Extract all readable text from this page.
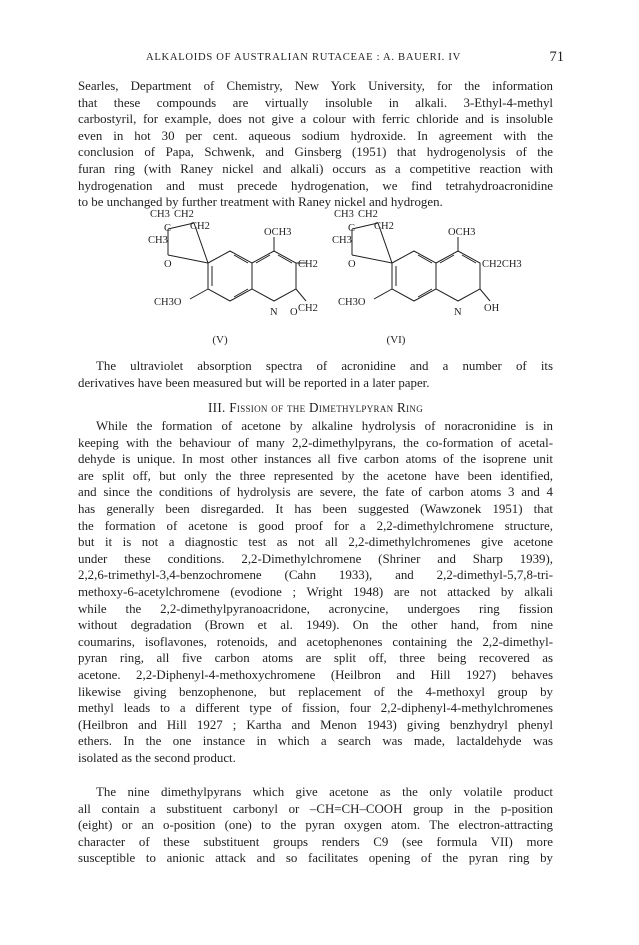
ALKALOIDS OF AUSTRALIAN RUTACEAE : A. BAUERI. IV	71
Searles, Department of Chemistry, New York University, for the information
that these compounds are virtually insoluble in alkali. 3-Ethyl-4-methyl
carbostyril, for example, does not give a colour with ferric chloride and is insoluble
even in hot 30 per cent. aqueous sodium hydroxide. In agreement with the
conclusion of Papa, Schwenk, and Ginsberg (1951) that hydrogenolysis of the
furan ring (with Raney nickel and alkali) occurs as a competitive reaction with
hydrogenation and must precede hydrogenation, we find tetrahydroacronidine
to be unchanged by further treatment with Raney nickel and hydrogen.
CH3 CH2
C CH2
CH3
O
OCH3
CH2
CH2
CH3O
N O
(V)
CH3 CH2
C CH2
CH3
O
OCH3
CH2CH3
OH
CH3O
N
(VI)
The ultraviolet absorption spectra of acronidine and a number of its
derivatives have been measured but will be reported in a later paper.
III. Fission of the Dimethylpyran Ring
While the formation of acetone by alkaline hydrolysis of noracronidine is in
keeping with the behaviour of many 2,2-dimethylpyrans, the co-formation of acetal-
dehyde is unique. In most other instances all five carbon atoms of the isoprene unit
are split off, but only the three represented by the acetone have been identified,
and since the conditions of hydrolysis are severe, the fate of carbon atoms 3 and 4
has generally been disregarded. It has been suggested (Wawzonek 1951) that
the formation of acetone is good proof for a 2,2-dimethylchromene structure,
but it is not a diagnostic test as not all 2,2-dimethylchromenes give acetone
under these conditions. 2,2-Dimethylchromene (Shriner and Sharp 1939),
2,2,6-trimethyl-3,4-benzochromene (Cahn 1933), and 2,2-dimethyl-5,7,8-tri-
methoxy-6-acetylchromene (evodione ; Wright 1948) are not attacked by alkali
while the 2,2-dimethylpyranoacridone, acronycine, undergoes ring fission
without degradation (Brown et al. 1949). On the other hand, from nine
coumarins, isoflavones, rotenoids, and acetophenones containing the 2,2-dimethyl-
pyran ring, all five carbon atoms are split off, three being recovered as
acetone. 2,2-Diphenyl-4-methoxychromene (Heilbron and Hill 1927) behaves
likewise giving benzophenone, but replacement of the 4-methoxyl group by
methyl leads to a different type of fission, four 2,2-diphenyl-4-methylchromenes
(Heilbron and Hill 1927 ; Kartha and Menon 1943) giving benzhydryl phenyl
ethers. In the one instance in which a search was made, lactaldehyde was
isolated as the second product.
The nine dimethylpyrans which give acetone as the only volatile product
all contain a substituent carbonyl or –CH=CH–COOH group in the p-position
(eight) or an o-position (one) to the pyran oxygen atom. The electron-attracting
character of these substituent groups renders C9 (see formula VII) more
susceptible to anionic attack and so facilitates opening of the pyran ring by
